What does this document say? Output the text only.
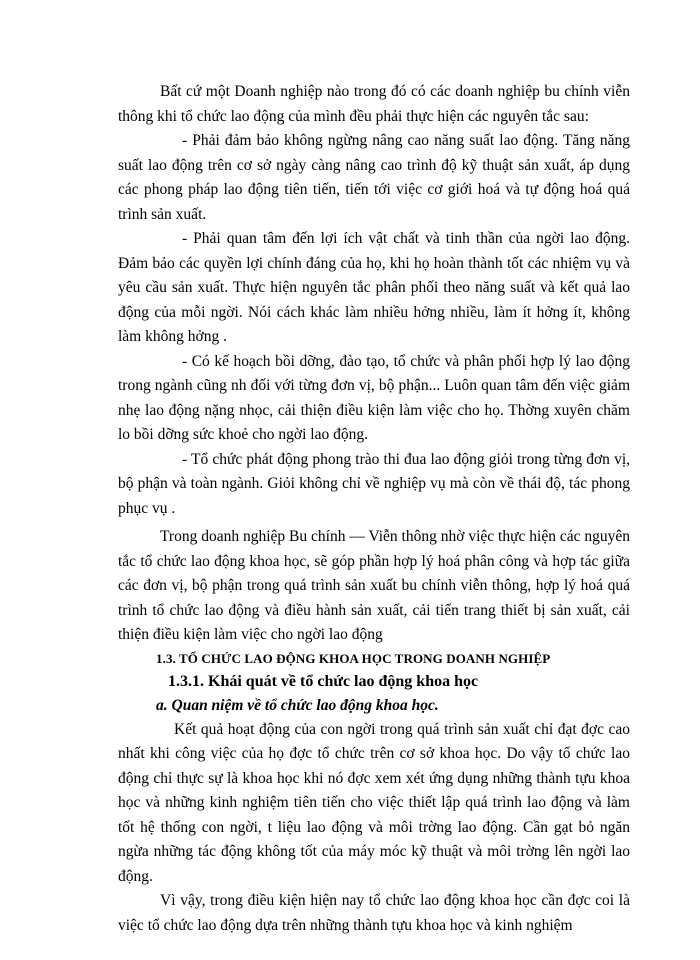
Bất cứ một Doanh nghiệp nào trong đó có các doanh nghiệp bu chính viễn thông khi tổ chức lao động của mình đều phải thực hiện các nguyên tắc sau:

- Phải đảm bảo không ngừng nâng cao năng suất lao động. Tăng năng suất lao động trên cơ sở ngày càng nâng cao trình độ kỹ thuật sản xuất, áp dụng các phong pháp lao động tiên tiến, tiến tới việc cơ giới hoá và tự động hoá quá trình sản xuất.

- Phải quan tâm đến lợi ích vật chất và tinh thần của ngời lao động. Đảm bảo các quyền lợi chính đáng của họ, khi họ hoàn thành tốt các nhiệm vụ và yêu cầu sản xuất. Thực hiện nguyên tắc phân phối theo năng suất và kết quả lao động của mỗi ngời. Nói cách khác làm nhiều hởng nhiều, làm ít hởng ít, không làm không hởng .

- Có kế hoạch bồi dỡng, đào tạo, tổ chức và phân phối hợp lý lao động trong ngành cũng nh đối với từng đơn vị, bộ phận... Luôn quan tâm đến việc giảm nhẹ lao động nặng nhọc, cải thiện điều kiện làm việc cho họ. Thờng xuyên chăm lo bồi dỡng sức khoẻ cho ngời lao động.

- Tổ chức phát động phong trào thi đua lao động giỏi trong từng đơn vị, bộ phận và toàn ngành. Giỏi không chỉ về nghiệp vụ mà còn về thái độ, tác phong phục vụ .

Trong doanh nghiệp Bu chính — Viễn thông nhờ việc thực hiện các nguyên tắc tổ chức lao động khoa học, sẽ góp phần hợp lý hoá phân công và hợp tác giữa các đơn vị, bộ phận trong quá trình sản xuất bu chính viễn thông, hợp lý hoá quá trình tổ chức lao động và điều hành sản xuất, cải tiến trang thiết bị sản xuất, cải thiện điều kiện làm việc cho ngời lao động

1.3. TỔ CHỨC LAO ĐỘNG KHOA HỌC TRONG DOANH NGHIỆP
1.3.1. Khái quát về tổ chức lao động khoa học
a. Quan niệm về tổ chức lao động khoa học.

Kết quả hoạt động của con ngời trong quá trình sản xuất chỉ đạt đợc cao nhất khi công việc của họ đợc tổ chức trên cơ sở khoa học. Do vậy tổ chức lao động chỉ thực sự là khoa học khi nó đợc xem xét ứng dụng những thành tựu khoa học và những kinh nghiệm tiên tiến cho việc thiết lập quá trình lao động và làm tốt hệ thống con ngời, t liệu lao động và môi trờng lao động. Cần gạt bỏ ngăn ngừa những tác động không tốt của máy móc kỹ thuật và môi trờng lên ngời lao động.

Vì vậy, trong điều kiện hiện nay tổ chức lao động khoa học cần đợc coi là việc tổ chức lao động dựa trên những thành tựu khoa học và kinh nghiệm
